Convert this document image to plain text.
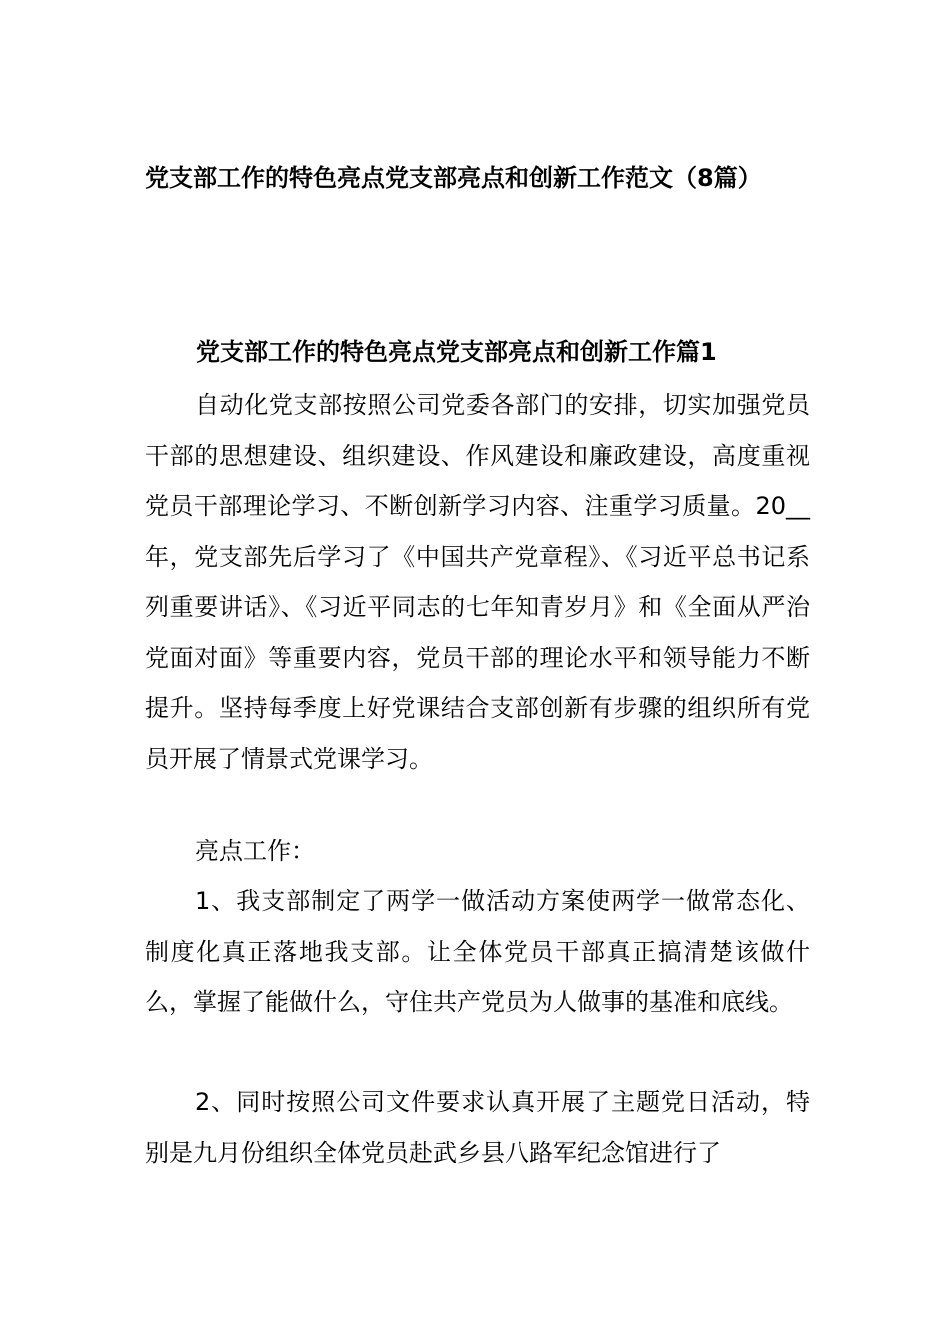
党支部工作的特色亮点党支部亮点和创新工作范文（8篇）
党支部工作的特色亮点党支部亮点和创新工作篇1

自动化党支部按照公司党委各部门的安排，切实加强党员干部的思想建设、组织建设、作风建设和廉政建设，高度重视党员干部理论学习、不断创新学习内容、注重学习质量。20__年，党支部先后学习了《中国共产党章程》、《习近平总书记系列重要讲话》、《习近平同志的七年知青岁月》和《全面从严治党面对面》等重要内容，党员干部的理论水平和领导能力不断提升。坚持每季度上好党课结合支部创新有步骤的组织所有党员开展了情景式党课学习。

亮点工作：

1、我支部制定了两学一做活动方案使两学一做常态化、制度化真正落地我支部。让全体党员干部真正搞清楚该做什么，掌握了能做什么，守住共产党员为人做事的基准和底线。

2、同时按照公司文件要求认真开展了主题党日活动，特别是九月份组织全体党员赴武乡县八路军纪念馆进行了
